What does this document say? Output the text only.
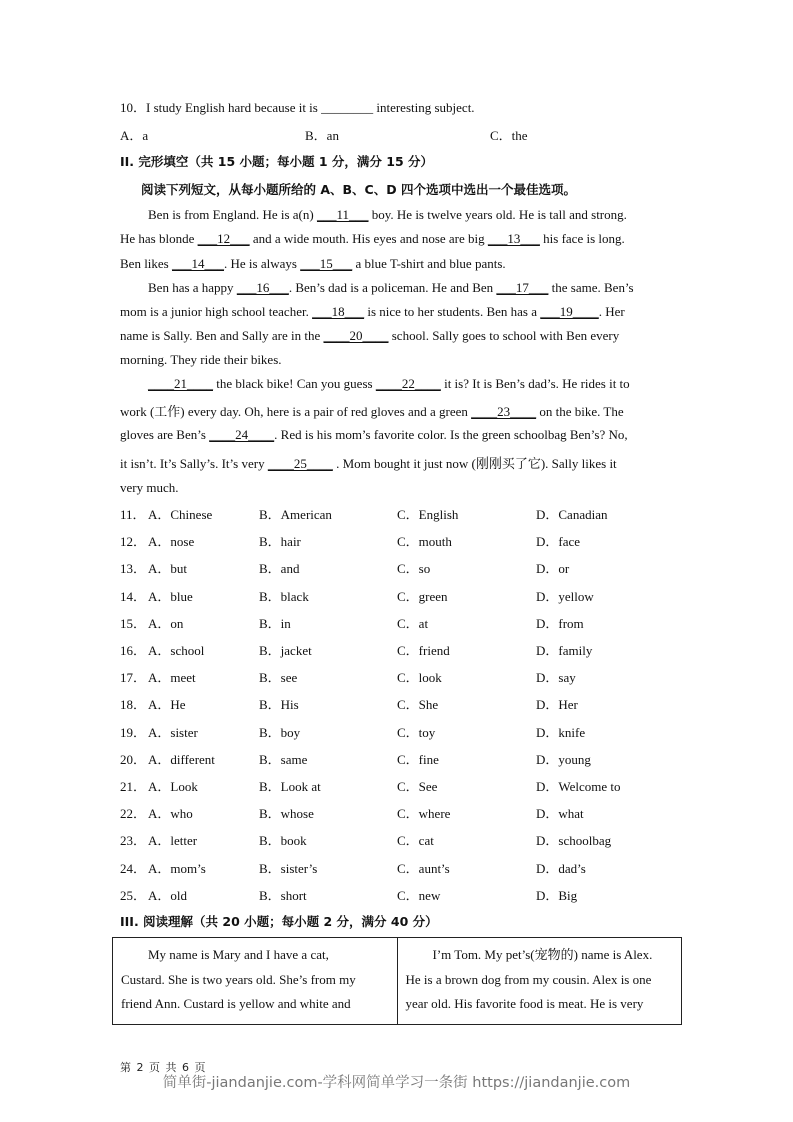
10．I study English hard because it is ________ interesting subject.
A．a	B．an	C．the
II. 完形填空（共 15 小题；每小题 1 分，满分 15 分）
阅读下列短文，从每小题所给的 A、B、C、D 四个选项中选出一个最佳选项。
Ben is from England. He is a(n) ___11___ boy. He is twelve years old. He is tall and strong.
He has blonde ___12___ and a wide mouth. His eyes and nose are big ___13___ his face is long.
Ben likes ___14___. He is always ___15___ a blue T-shirt and blue pants.
Ben has a happy ___16___. Ben’s dad is a policeman. He and Ben ___17___ the same. Ben’s
mom is a junior high school teacher. ___18___ is nice to her students. Ben has a ___19____. Her
name is Sally. Ben and Sally are in the ____20____ school. Sally goes to school with Ben every
morning. They ride their bikes.
____21____ the black bike! Can you guess ____22____ it is? It is Ben’s dad’s. He rides it to
work (工作) every day. Oh, here is a pair of red gloves and a green ____23____ on the bike. The
gloves are Ben’s ____24____. Red is his mom’s favorite color. Is the green schoolbag Ben’s? No,
it isn’t. It’s Sally’s. It’s very ____25____ . Mom bought it just now (刚刚买了它). Sally likes it
very much.
11． A．Chinese	B．American	C．English	D．Canadian
12． A．nose	B．hair	C．mouth	D．face
13． A．but	B．and	C．so	D．or
14． A．blue	B．black	C．green	D．yellow
15． A．on	B．in	C．at	D．from
16． A．school	B．jacket	C．friend	D．family
17． A．meet	B．see	C．look	D．say
18． A．He	B．His	C．She	D．Her
19． A．sister	B．boy	C．toy	D．knife
20． A．different	B．same	C．fine	D．young
21． A．Look	B．Look at	C．See	D．Welcome to
22． A．who	B．whose	C．where	D．what
23． A．letter	B．book	C．cat	D．schoolbag
24． A．mom’s	B．sister’s	C．aunt’s	D．dad’s
25． A．old	B．short	C．new	D．Big
III. 阅读理解（共 20 小题；每小题 2 分，满分 40 分）
My name is Mary and I have a cat,
Custard. She is two years old. She’s from my
friend Ann. Custard is yellow and white and

I’m Tom. My pet’s(宠物的) name is Alex.
He is a brown dog from my cousin. Alex is one
year old. His favorite food is meat. He is very
第 2 页 共 6 页
简单街-jiandanjie.com-学科网简单学习一条街 https://jiandanjie.com
